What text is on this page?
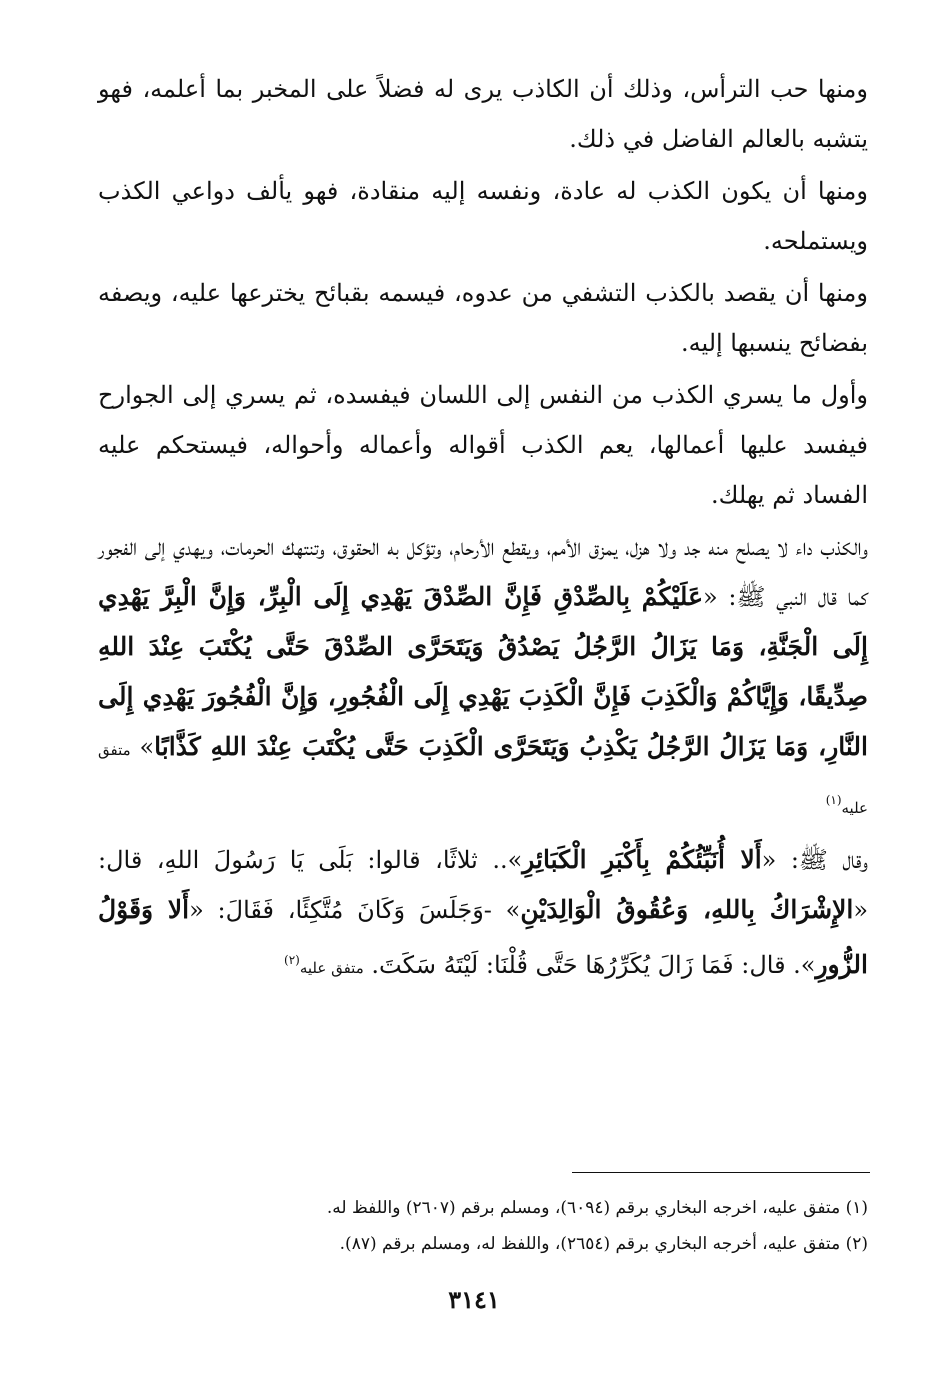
ومنها حب الترأس، وذلك أن الكاذب يرى له فضلاً على المخبر بما أعلمه، فهو يتشبه بالعالم الفاضل في ذلك.

ومنها أن يكون الكذب له عادة، ونفسه إليه منقادة، فهو يألف دواعي الكذب ويستملحه.

ومنها أن يقصد بالكذب التشفي من عدوه، فيسمه بقبائح يخترعها عليه، ويصفه بفضائح ينسبها إليه.

وأول ما يسري الكذب من النفس إلى اللسان فيفسده، ثم يسري إلى الجوارح فيفسد عليها أعمالها، يعم الكذب أقواله وأعماله وأحواله، فيستحكم عليه الفساد ثم يهلك.

والكذب داء لا يصلح منه جد ولا هزل، يمزق الأمم، ويقطع الأرحام، وتؤكل به الحقوق، وتنتهك الحرمات، ويهدي إلى الفجور كما قال النبي ﷺ: «عَلَيْكُمْ بِالصِّدْقِ فَإِنَّ الصِّدْقَ يَهْدِي إِلَى الْبِرِّ، وَإِنَّ الْبِرَّ يَهْدِي إِلَى الْجَنَّةِ، وَمَا يَزَالُ الرَّجُلُ يَصْدُقُ وَيَتَحَرَّى الصِّدْقَ حَتَّى يُكْتَبَ عِنْدَ اللهِ صِدِّيقًا، وَإِيَّاكُمْ وَالْكَذِبَ فَإِنَّ الْكَذِبَ يَهْدِي إِلَى الْفُجُورِ، وَإِنَّ الْفُجُورَ يَهْدِي إِلَى النَّارِ، وَمَا يَزَالُ الرَّجُلُ يَكْذِبُ وَيَتَحَرَّى الْكَذِبَ حَتَّى يُكْتَبَ عِنْدَ اللهِ كَذَّابًا» متفق عليه$^{(١)}$

وقال ﷺ: «أَلا أُنَبِّئُكُمْ بِأَكْبَرِ الْكَبَائِرِ».. ثلاثًا، قالوا: بَلَى يَا رَسُولَ اللهِ، قال: «الإِشْرَاكُ بِاللهِ، وَعُقُوقُ الْوَالِدَيْنِ» -وَجَلَسَ وَكَانَ مُتَّكِئًا، فَقَالَ: «أَلا وَقَوْلُ الزُّورِ». قال: فَمَا زَالَ يُكَرِّرُهَا حَتَّى قُلْنَا: لَيْتَهُ سَكَتَ. متفق عليه$^{(٢)}$

(١) متفق عليه، اخرجه البخاري برقم (٦٠٩٤)، ومسلم برقم (٢٦٠٧) واللفظ له.
(٢) متفق عليه، أخرجه البخاري برقم (٢٦٥٤)، واللفظ له، ومسلم برقم (٨٧).
٣١٤١
